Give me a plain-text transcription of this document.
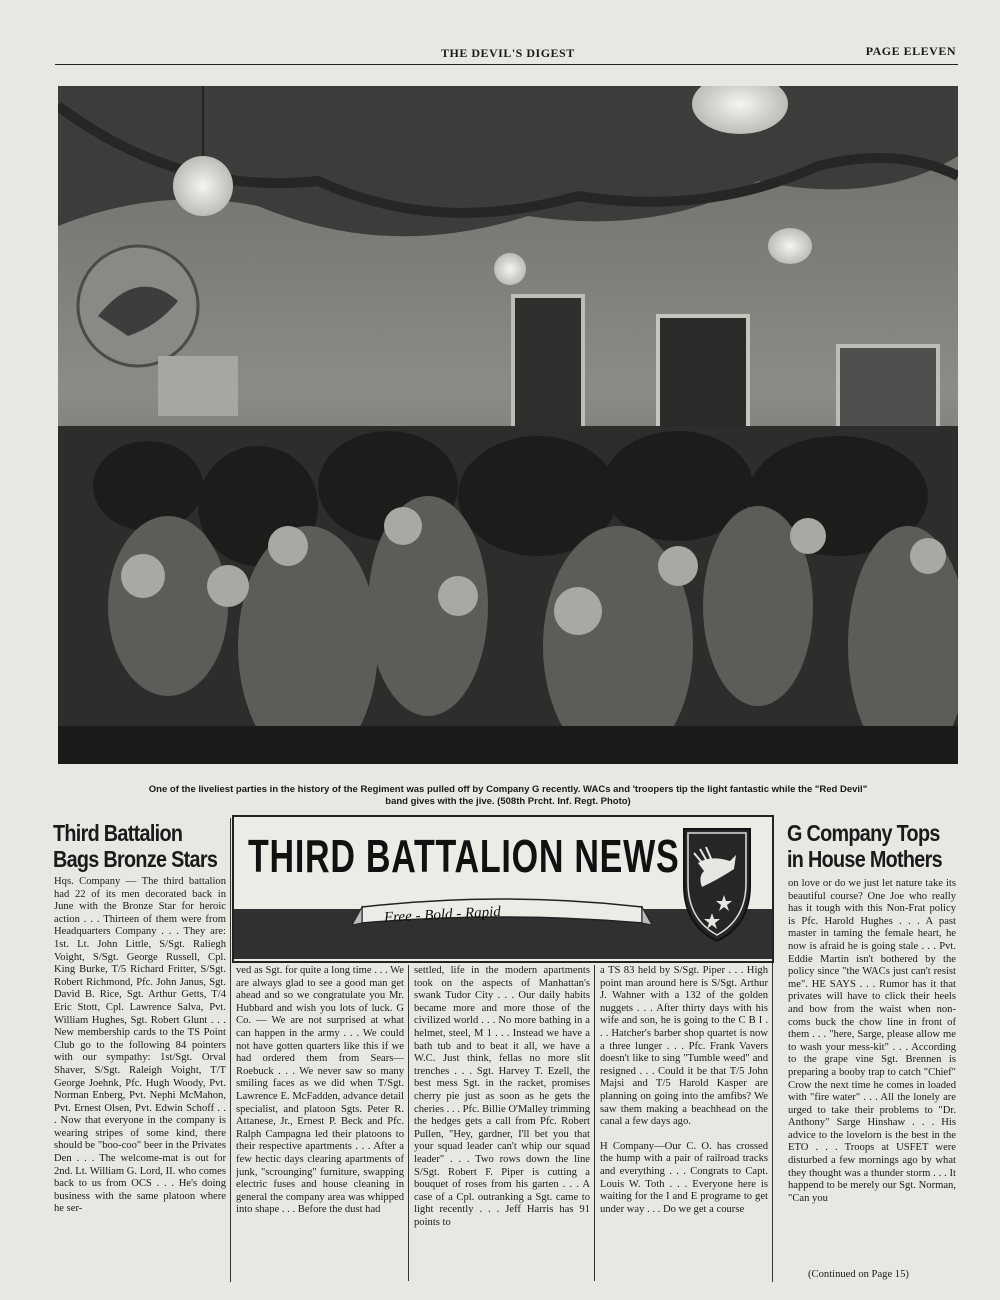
THE DEVIL'S DIGEST	PAGE ELEVEN
One of the liveliest parties in the history of the Regiment was pulled off by Company G recently. WACs and 'troopers tip the light fantastic while the "Red Devil"
band gives with the jive. (508th Prcht. Inf. Regt. Photo)
Third Battalion
Bags Bronze Stars

Hqs. Company — The third battalion had 22 of its men decorated back in June with the Bronze Star for heroic action . . . Thirteen of them were from Headquarters Company . . . They are: 1st. Lt. John Little, S/Sgt. Raliegh Voight, S/Sgt. George Russell, Cpl. King Burke, T/5 Richard Fritter, S/Sgt. Robert Richmond, Pfc. John Janus, Sgt. David B. Rice, Sgt. Arthur Getts, T/4 Eric Stott, Cpl. Lawrence Salva, Pvt. William Hughes, Sgt. Robert Glunt . . . New membership cards to the TS Point Club go to the following 84 pointers with our sympathy: 1st/Sgt. Orval Shaver, S/Sgt. Raleigh Voight, T/T George Joehnk, Pfc. Hugh Woody, Pvt. Norman Enberg, Pvt. Nephi McMahon, Pvt. Ernest Olsen, Pvt. Edwin Schoff . . . Now that everyone in the company is wearing stripes of some kind, there should be "boo-coo" beer in the Privates Den . . . The welcome-mat is out for 2nd. Lt. William G. Lord, II. who comes back to us from OCS . . . He's doing business with the same platoon where he ser-

THIRD BATTALION NEWS
Free - Bold - Rapid

ved as Sgt. for quite a long time . . . We are always glad to see a good man get ahead and so we congratulate you Mr. Hubbard and wish you lots of luck. G Co. — We are not surprised at what can happen in the army . . . We could not have gotten quarters like this if we had ordered them from Sears—Roebuck . . . We never saw so many smiling faces as we did when T/Sgt. Lawrence E. McFadden, advance detail specialist, and platoon Sgts. Peter R. Attanese, Jr., Ernest P. Beck and Pfc. Ralph Campagna led their platoons to their respective apartments . . . After a few hectic days clearing apartments of junk, "scrounging" furniture, swapping electric fuses and house cleaning in general the company area was whipped into shape . . . Before the dust had

settled, life in the modern apartments took on the aspects of Manhattan's swank Tudor City . . . Our daily habits became more and more those of the civilized world . . . No more bathing in a helmet, steel, M 1 . . . Instead we have a bath tub and to beat it all, we have a W.C. Just think, fellas no more slit trenches . . . Sgt. Harvey T. Ezell, the best mess Sgt. in the racket, promises cherry pie just as soon as he gets the cheries . . . Pfc. Billie O'Malley trimming the hedges gets a call from Pfc. Robert Pullen, "Hey, gardner, I'll bet you that your squad leader can't whip our squad leader" . . . Two rows down the line S/Sgt. Robert F. Piper is cutting a bouquet of roses from his garten . . . A case of a Cpl. outranking a Sgt. came to light recently . . . Jeff Harris has 91 points to

a TS 83 held by S/Sgt. Piper . . . High point man around here is S/Sgt. Arthur J. Wahner with a 132 of the golden nuggets . . . After thirty days with his wife and son, he is going to the C B I . . . Hatcher's barber shop quartet is now a three lunger . . . Pfc. Frank Vavers doesn't like to sing "Tumble weed" and resigned . . . Could it be that T/5 John Majsi and T/5 Harold Kasper are planning on going into the amfibs? We saw them making a beachhead on the canal a few days ago.

H Company—Our C. O. has crossed the hump with a pair of railroad tracks and everything . . . Congrats to Capt. Louis W. Toth . . . Everyone here is waiting for the I and E programe to get under way . . . Do we get a course

G Company Tops
in House Mothers

on love or do we just let nature take its beautiful course? One Joe who really has it tough with this Non-Frat policy is Pfc. Harold Hughes . . . A past master in taming the female heart, he now is afraid he is going stale . . . Pvt. Eddie Martin isn't bothered by the policy since "the WACs just can't resist me". HE SAYS . . . Rumor has it that privates will have to click their heels and bow from the waist when non-coms buck the chow line in front of them . . . "here, Sarge, please allow me to wash your mess-kit" . . . According to the grape vine Sgt. Brennen is preparing a booby trap to catch "Chief" Crow the next time he comes in loaded with "fire water" . . . All the lonely are urged to take their problems to "Dr. Anthony" Sarge Hinshaw . . . His advice to the lovelorn is the best in the ETO . . . Troops at USFET were disturbed a few mornings ago by what they thought was a thunder storm . . . It happend to be merely our Sgt. Norman, "Can you

(Continued on Page 15)
